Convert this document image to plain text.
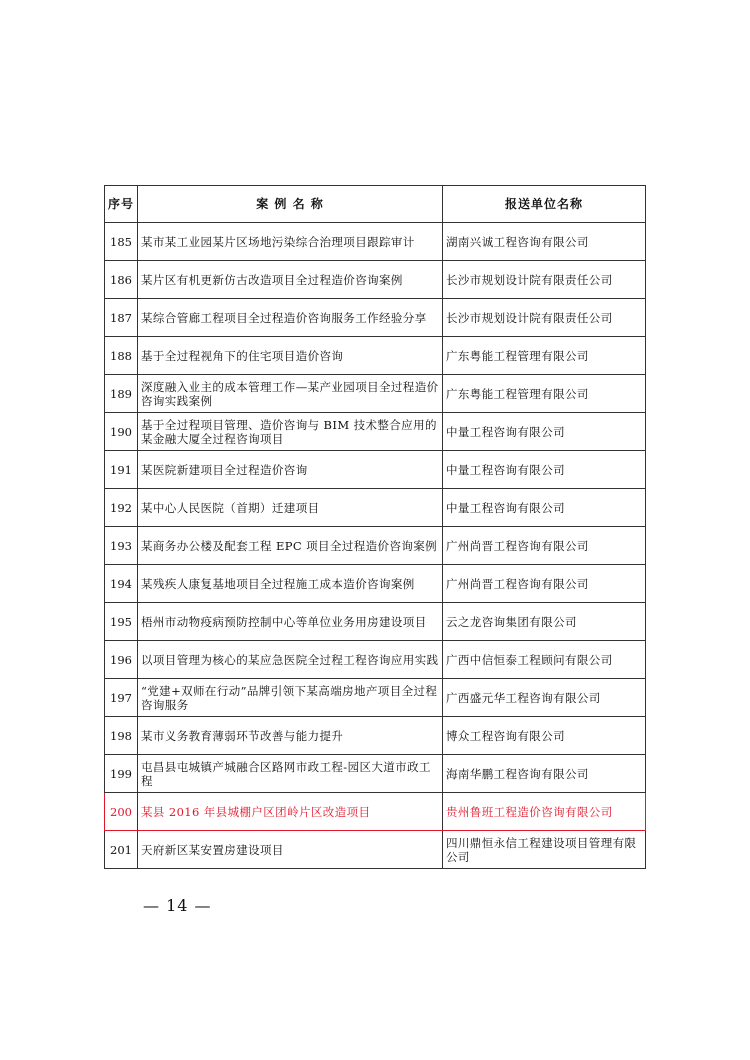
序号	案 例 名 称	报送单位名称
185	某市某工业园某片区场地污染综合治理项目跟踪审计	湖南兴诚工程咨询有限公司
186	某片区有机更新仿古改造项目全过程造价咨询案例	长沙市规划设计院有限责任公司
187	某综合管廊工程项目全过程造价咨询服务工作经验分享	长沙市规划设计院有限责任公司
188	基于全过程视角下的住宅项目造价咨询	广东粤能工程管理有限公司
189	深度融入业主的成本管理工作—某产业园项目全过程造价咨询实践案例	广东粤能工程管理有限公司
190	基于全过程项目管理、造价咨询与 BIM 技术整合应用的某金融大厦全过程咨询项目	中量工程咨询有限公司
191	某医院新建项目全过程造价咨询	中量工程咨询有限公司
192	某中心人民医院（首期）迁建项目	中量工程咨询有限公司
193	某商务办公楼及配套工程 EPC 项目全过程造价咨询案例	广州尚晋工程咨询有限公司
194	某残疾人康复基地项目全过程施工成本造价咨询案例	广州尚晋工程咨询有限公司
195	梧州市动物疫病预防控制中心等单位业务用房建设项目	云之龙咨询集团有限公司
196	以项目管理为核心的某应急医院全过程工程咨询应用实践	广西中信恒泰工程顾问有限公司
197	“党建+双师在行动”品牌引领下某高端房地产项目全过程咨询服务	广西盛元华工程咨询有限公司
198	某市义务教育薄弱环节改善与能力提升	博众工程咨询有限公司
199	屯昌县屯城镇产城融合区路网市政工程-园区大道市政工程	海南华鹏工程咨询有限公司
200	某县 2016 年县城棚户区团岭片区改造项目	贵州鲁班工程造价咨询有限公司
201	天府新区某安置房建设项目	四川鼎恒永信工程建设项目管理有限公司
— 14 —
